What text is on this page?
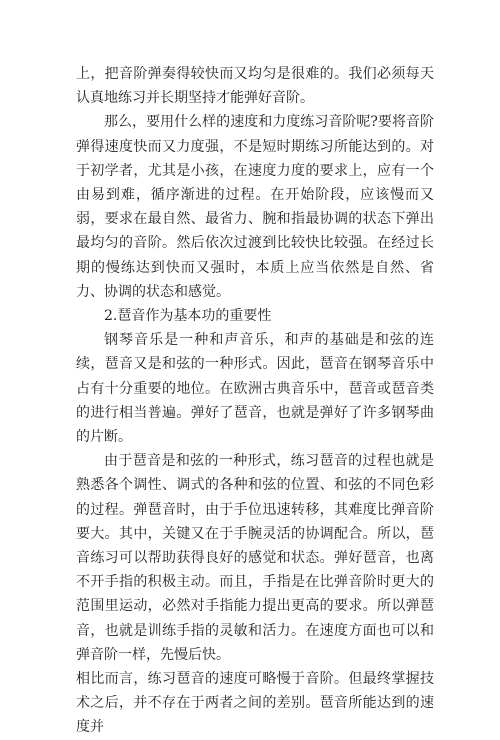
上，把音阶弹奏得较快而又均匀是很难的。我们必须每天认真地练习并长期坚持才能弹好音阶。

那么，要用什么样的速度和力度练习音阶呢?要将音阶弹得速度快而又力度强，不是短时期练习所能达到的。对于初学者，尤其是小孩，在速度力度的要求上，应有一个由易到难，循序渐进的过程。在开始阶段，应该慢而又弱，要求在最自然、最省力、腕和指最协调的状态下弹出最均匀的音阶。然后依次过渡到比较快比较强。在经过长期的慢练达到快而又强时，本质上应当依然是自然、省力、协调的状态和感觉。

2.琶音作为基本功的重要性

钢琴音乐是一种和声音乐，和声的基础是和弦的连续，琶音又是和弦的一种形式。因此，琶音在钢琴音乐中占有十分重要的地位。在欧洲古典音乐中，琶音或琶音类的进行相当普遍。弹好了琶音，也就是弹好了许多钢琴曲的片断。

由于琶音是和弦的一种形式，练习琶音的过程也就是熟悉各个调性、调式的各种和弦的位置、和弦的不同色彩的过程。弹琶音时，由于手位迅速转移，其难度比弹音阶要大。其中，关键又在于手腕灵活的协调配合。所以，琶音练习可以帮助获得良好的感觉和状态。弹好琶音，也离不开手指的积极主动。而且，手指是在比弹音阶时更大的范围里运动，必然对手指能力提出更高的要求。所以弹琶音，也就是训练手指的灵敏和活力。在速度方面也可以和弹音阶一样，先慢后快。

相比而言，练习琶音的速度可略慢于音阶。但最终掌握技术之后，并不存在于两者之间的差别。琶音所能达到的速度并
